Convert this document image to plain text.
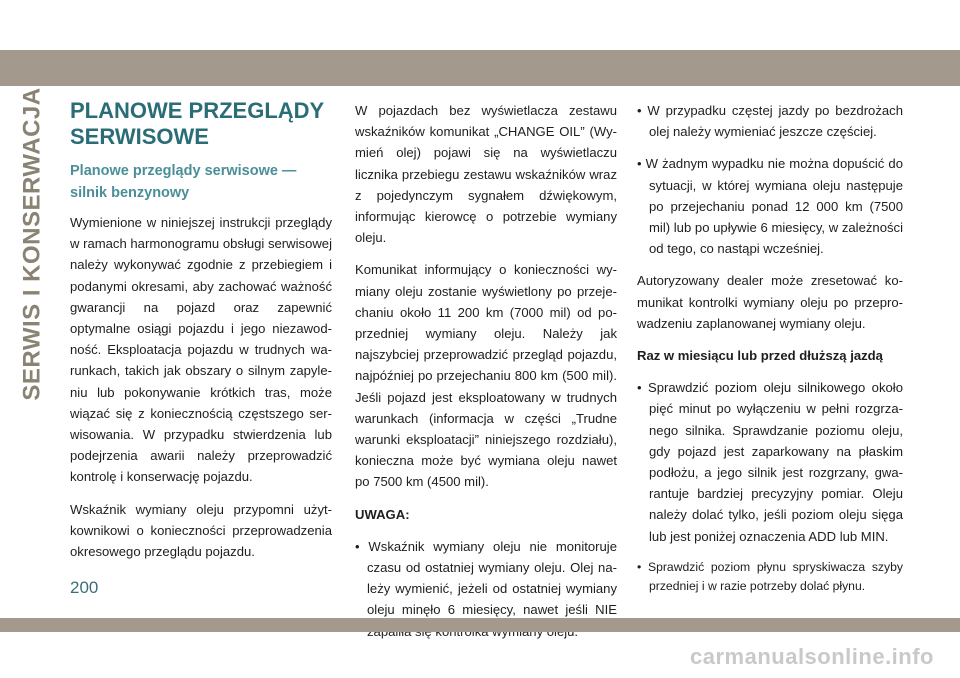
SERWIS I KONSERWACJA PLANOWE PRZEGLĄDY SERWISOWE
Planowe przeglądy serwisowe — silnik benzynowy

Wymienione w niniejszej instrukcji przeglądy w ramach harmonogramu obsługi serwisowej należy wykonywać zgodnie z przebiegiem i podanymi okresami, aby zachować ważność gwarancji na pojazd oraz zapewnić optymalne osiągi pojazdu i jego niezawodność. Eksploatacja pojazdu w trudnych warunkach, takich jak obszary o silnym zapyleniu lub pokonywanie krótkich tras, może wiązać się z koniecznością częstszego serwisowania. W przypadku stwierdzenia lub podejrzenia awarii należy przeprowadzić kontrolę i konserwację pojazdu.

Wskaźnik wymiany oleju przypomni użytkownikowi o konieczności przeprowadzenia okresowego przeglądu pojazdu.

W pojazdach bez wyświetlacza zestawu wskaźników komunikat „CHANGE OIL” (Wymień olej) pojawi się na wyświetlaczu licznika przebiegu zestawu wskaźników wraz z pojedynczym sygnałem dźwiękowym, informując kierowcę o potrzebie wymiany oleju.

Komunikat informujący o konieczności wymiany oleju zostanie wyświetlony po przejechaniu około 11 200 km (7000 mil) od poprzedniej wymiany oleju. Należy jak najszybciej przeprowadzić przegląd pojazdu, najpóźniej po przejechaniu 800 km (500 mil). Jeśli pojazd jest eksploatowany w trudnych warunkach (informacja w części „Trudne warunki eksploatacji” niniejszego rozdziału), konieczna może być wymiana oleju nawet po 7500 km (4500 mil).

UWAGA:

• Wskaźnik wymiany oleju nie monitoruje czasu od ostatniej wymiany oleju. Olej należy wymienić, jeżeli od ostatniej wymiany oleju minęło 6 miesięcy, nawet jeśli NIE

• W przypadku częstej jazdy po bezdrożach olej należy wymieniać jeszcze częściej.

• W żadnym wypadku nie można dopuścić do sytuacji, w której wymiana oleju następuje po przejechaniu ponad 12 000 km (7500 mil) lub po upływie 6 miesięcy, w zależności od tego, co nastąpi wcześniej.

Autoryzowany dealer może zresetować komunikat kontrolki wymiany oleju po przeprowadzeniu zaplanowanej wymiany oleju.

Raz w miesiącu lub przed dłuższą jazdą

• Sprawdzić poziom oleju silnikowego około pięć minut po wyłączeniu w pełni rozgrzanego silnika. Sprawdzanie poziomu oleju, gdy pojazd jest zaparkowany na płaskim podłożu, a jego silnik jest rozgrzany, gwarantuje bardziej precyzyjny pomiar. Oleju należy dolać tylko, jeśli poziom oleju sięga lub jest poniżej oznaczenia ADD lub MIN.

• Sprawdzić poziom płynu spryskiwacza szyby przedniej i w razie potrzeby dolać płynu.

200
carmanualsonline.info
